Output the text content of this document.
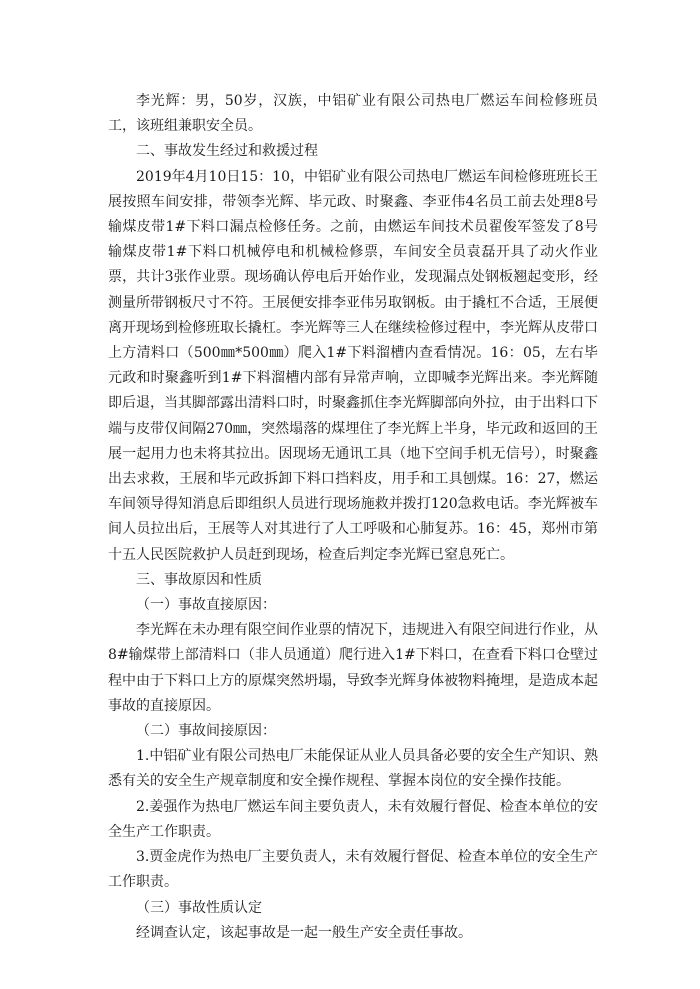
李光辉：男，50岁，汉族，中铝矿业有限公司热电厂燃运车间检修班员工，该班组兼职安全员。

二、事故发生经过和救援过程

2019年4月10日15：10，中铝矿业有限公司热电厂燃运车间检修班班长王展按照车间安排，带领李光辉、毕元政、时聚鑫、李亚伟4名员工前去处理8号输煤皮带1#下料口漏点检修任务。之前，由燃运车间技术员翟俊军签发了8号输煤皮带1#下料口机械停电和机械检修票，车间安全员袁磊开具了动火作业票，共计3张作业票。现场确认停电后开始作业，发现漏点处钢板翘起变形，经测量所带钢板尺寸不符。王展便安排李亚伟另取钢板。由于撬杠不合适，王展便离开现场到检修班取长撬杠。李光辉等三人在继续检修过程中，李光辉从皮带口上方清料口（500㎜*500㎜）爬入1#下料溜槽内查看情况。16：05，左右毕元政和时聚鑫听到1#下料溜槽内部有异常声响，立即喊李光辉出来。李光辉随即后退，当其脚部露出清料口时，时聚鑫抓住李光辉脚部向外拉，由于出料口下端与皮带仅间隔270㎜，突然塌落的煤埋住了李光辉上半身，毕元政和返回的王展一起用力也未将其拉出。因现场无通讯工具（地下空间手机无信号），时聚鑫出去求救，王展和毕元政拆卸下料口挡料皮，用手和工具刨煤。16：27，燃运车间领导得知消息后即组织人员进行现场施救并拨打120急救电话。李光辉被车间人员拉出后，王展等人对其进行了人工呼吸和心肺复苏。16：45，郑州市第十五人民医院救护人员赶到现场，检查后判定李光辉已窒息死亡。

三、事故原因和性质

（一）事故直接原因：

李光辉在未办理有限空间作业票的情况下，违规进入有限空间进行作业，从8#输煤带上部清料口（非人员通道）爬行进入1#下料口，在查看下料口仓壁过程中由于下料口上方的原煤突然坍塌，导致李光辉身体被物料掩埋，是造成本起事故的直接原因。

（二）事故间接原因：

1.中铝矿业有限公司热电厂未能保证从业人员具备必要的安全生产知识、熟悉有关的安全生产规章制度和安全操作规程、掌握本岗位的安全操作技能。

2.姜强作为热电厂燃运车间主要负责人，未有效履行督促、检查本单位的安全生产工作职责。

3.贾金虎作为热电厂主要负责人，未有效履行督促、检查本单位的安全生产工作职责。

（三）事故性质认定

经调查认定，该起事故是一起一般生产安全责任事故。
